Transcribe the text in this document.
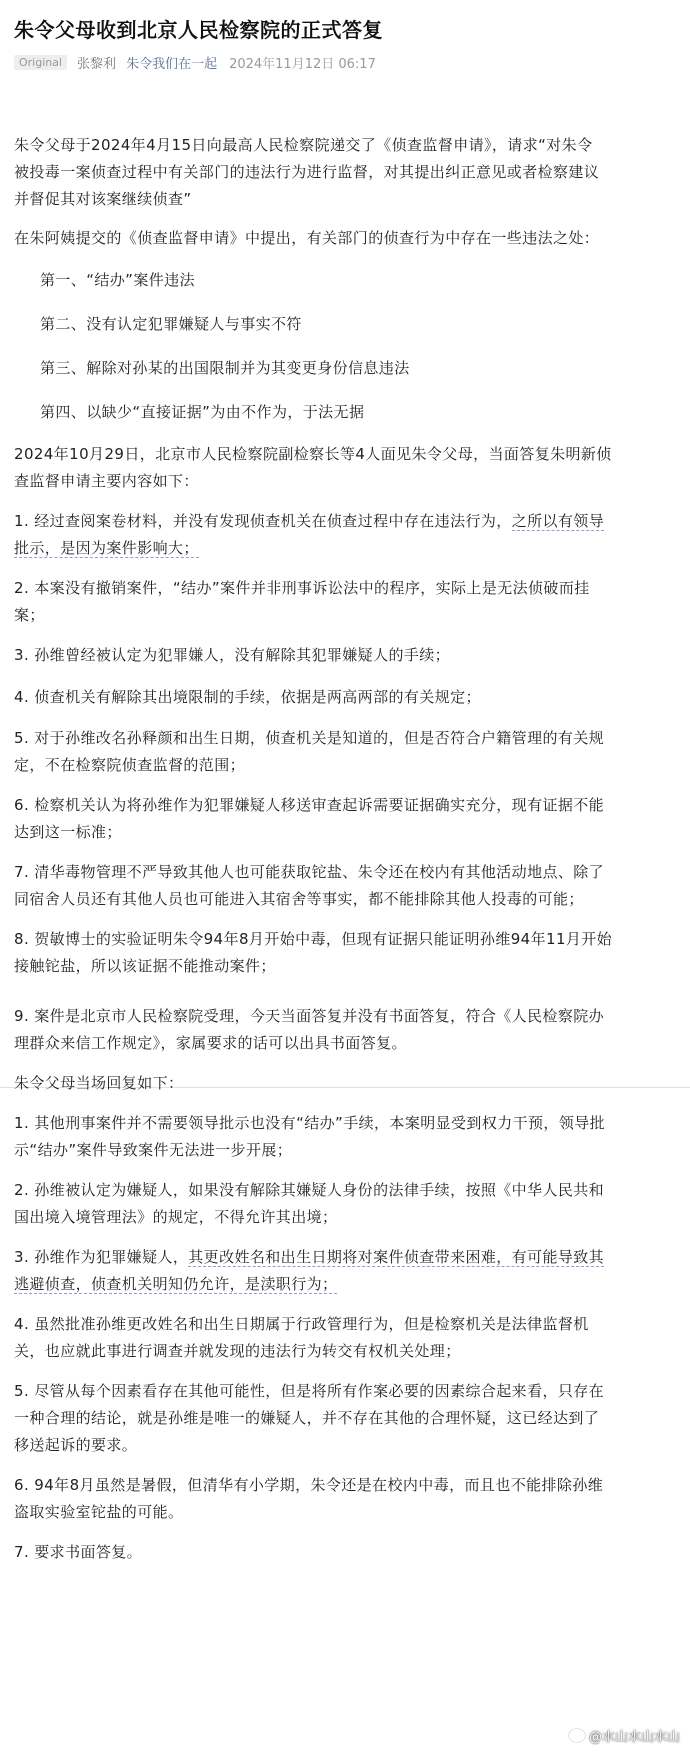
朱令父母收到北京人民检察院的正式答复
Original	张黎利 朱令我们在一起 2024年11月12日 06:17

朱令父母于2024年4月15日向最高人民检察院递交了《侦查监督申请》，请求“对朱令

被投毒一案侦查过程中有关部门的违法行为进行监督，对其提出纠正意见或者检察建议

并督促其对该案继续侦查”

在朱阿姨提交的《侦查监督申请》中提出，有关部门的侦查行为中存在一些违法之处：

第一、“结办”案件违法

第二、没有认定犯罪嫌疑人与事实不符

第三、解除对孙某的出国限制并为其变更身份信息违法

第四、以缺少“直接证据”为由不作为，于法无据

2024年10月29日，北京市人民检察院副检察长等4人面见朱令父母，当面答复朱明新侦

查监督申请主要内容如下：

1. 经过查阅案卷材料，并没有发现侦查机关在侦查过程中存在违法行为，之所以有领导

批示，是因为案件影响大；

2. 本案没有撤销案件，“结办”案件并非刑事诉讼法中的程序，实际上是无法侦破而挂

案；

3. 孙维曾经被认定为犯罪嫌人，没有解除其犯罪嫌疑人的手续；

4. 侦查机关有解除其出境限制的手续，依据是两高两部的有关规定；

5. 对于孙维改名孙释颜和出生日期，侦查机关是知道的，但是否符合户籍管理的有关规

定，不在检察院侦查监督的范围；

6. 检察机关认为将孙维作为犯罪嫌疑人移送审查起诉需要证据确实充分，现有证据不能

达到这一标准；

7. 清华毒物管理不严导致其他人也可能获取铊盐、朱令还在校内有其他活动地点、除了

同宿舍人员还有其他人员也可能进入其宿舍等事实，都不能排除其他人投毒的可能；

8. 贺敏博士的实验证明朱令94年8月开始中毒，但现有证据只能证明孙维94年11月开始

接触铊盐，所以该证据不能推动案件；

9. 案件是北京市人民检察院受理，今天当面答复并没有书面答复，符合《人民检察院办

理群众来信工作规定》，家属要求的话可以出具书面答复。

朱令父母当场回复如下：

1. 其他刑事案件并不需要领导批示也没有“结办”手续，本案明显受到权力干预，领导批

示“结办”案件导致案件无法进一步开展；

2. 孙维被认定为嫌疑人，如果没有解除其嫌疑人身份的法律手续，按照《中华人民共和

国出境入境管理法》的规定，不得允许其出境；

3. 孙维作为犯罪嫌疑人，其更改姓名和出生日期将对案件侦查带来困难，有可能导致其

逃避侦查，侦查机关明知仍允许，是渎职行为；

4. 虽然批准孙维更改姓名和出生日期属于行政管理行为，但是检察机关是法律监督机

关，也应就此事进行调查并就发现的违法行为转交有权机关处理；

5. 尽管从每个因素看存在其他可能性，但是将所有作案必要的因素综合起来看，只存在

一种合理的结论，就是孙维是唯一的嫌疑人，并不存在其他的合理怀疑，这已经达到了

移送起诉的要求。

6. 94年8月虽然是暑假，但清华有小学期，朱令还是在校内中毒，而且也不能排除孙维

盗取实验室铊盐的可能。

7. 要求书面答复。

@水山水山水山
